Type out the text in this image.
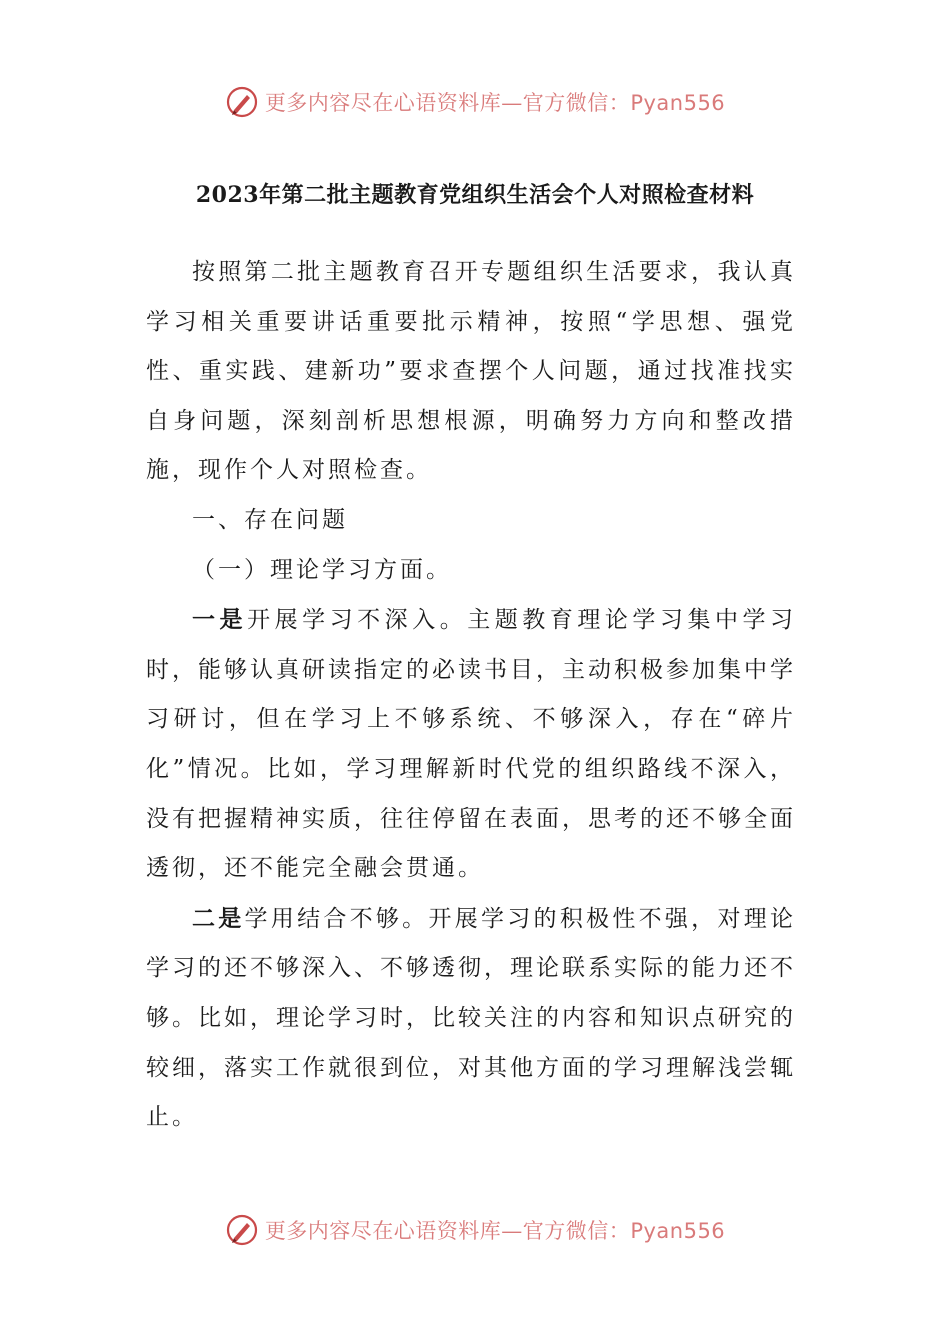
更多内容尽在心语资料库—官方微信：Pyan556
2023年第二批主题教育党组织生活会个人对照检查材料

按照第二批主题教育召开专题组织生活要求，我认真学习相关重要讲话重要批示精神，按照“学思想、强党性、重实践、建新功”要求查摆个人问题，通过找准找实自身问题，深刻剖析思想根源，明确努力方向和整改措施，现作个人对照检查。

一、存在问题

（一）理论学习方面。

一是开展学习不深入。主题教育理论学习集中学习时，能够认真研读指定的必读书目，主动积极参加集中学习研讨，但在学习上不够系统、不够深入，存在“碎片化”情况。比如，学习理解新时代党的组织路线不深入，没有把握精神实质，往往停留在表面，思考的还不够全面透彻，还不能完全融会贯通。

二是学用结合不够。开展学习的积极性不强，对理论学习的还不够深入、不够透彻，理论联系实际的能力还不够。比如，理论学习时，比较关注的内容和知识点研究的较细，落实工作就很到位，对其他方面的学习理解浅尝辄止。

更多内容尽在心语资料库—官方微信：Pyan556
